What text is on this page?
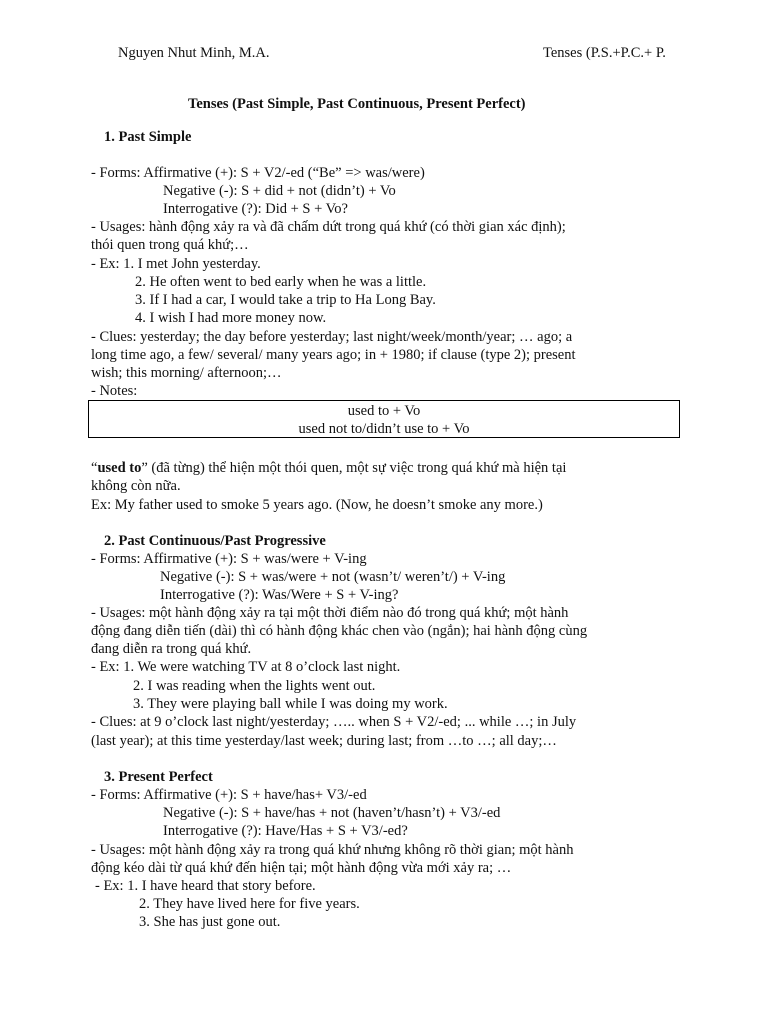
Nguyen Nhut Minh, M.A.	Tenses (P.S.+P.C.+ P.
Tenses (Past Simple, Past Continuous, Present Perfect)
1. Past Simple
- Forms: Affirmative (+): S + V2/-ed (“Be” => was/were)
Negative (-): S + did + not (didn’t) + Vo
Interrogative (?): Did + S + Vo?
- Usages: hành động xảy ra và đã chấm dứt trong quá khứ (có thời gian xác định);
thói quen trong quá khứ;…
- Ex: 1. I met John yesterday.
2. He often went to bed early when he was a little.
3. If I had a car, I would take a trip to Ha Long Bay.
4. I wish I had more money now.
- Clues: yesterday; the day before yesterday; last night/week/month/year; … ago; a
long time ago, a few/ several/ many years ago; in + 1980; if clause (type 2); present
wish; this morning/ afternoon;…
- Notes:
used to + Vo
used not to/didn’t use to + Vo
“used to” (đã từng) thể hiện một thói quen, một sự việc trong quá khứ mà hiện tại
không còn nữa.
Ex: My father used to smoke 5 years ago. (Now, he doesn’t smoke any more.)
2. Past Continuous/Past Progressive
- Forms: Affirmative (+): S + was/were + V-ing
Negative (-): S + was/were + not (wasn’t/ weren’t/) + V-ing
Interrogative (?): Was/Were + S + V-ing?
- Usages: một hành động xảy ra tại một thời điểm nào đó trong quá khứ; một hành
động đang diễn tiến (dài) thì có hành động khác chen vào (ngắn); hai hành động cùng
đang diễn ra trong quá khứ.
- Ex: 1. We were watching TV at 8 o’clock last night.
2. I was reading when the lights went out.
3. They were playing ball while I was doing my work.
- Clues: at 9 o’clock last night/yesterday; ….. when S + V2/-ed; ... while …; in July
(last year); at this time yesterday/last week; during last; from …to …; all day;…
3. Present Perfect
- Forms: Affirmative (+): S + have/has+ V3/-ed
Negative (-): S + have/has + not (haven’t/hasn’t) + V3/-ed
Interrogative (?): Have/Has + S + V3/-ed?
- Usages: một hành động xảy ra trong quá khứ nhưng không rõ thời gian; một hành
động kéo dài từ quá khứ đến hiện tại; một hành động vừa mới xảy ra; …
- Ex: 1. I have heard that story before.
2. They have lived here for five years.
3. She has just gone out.
